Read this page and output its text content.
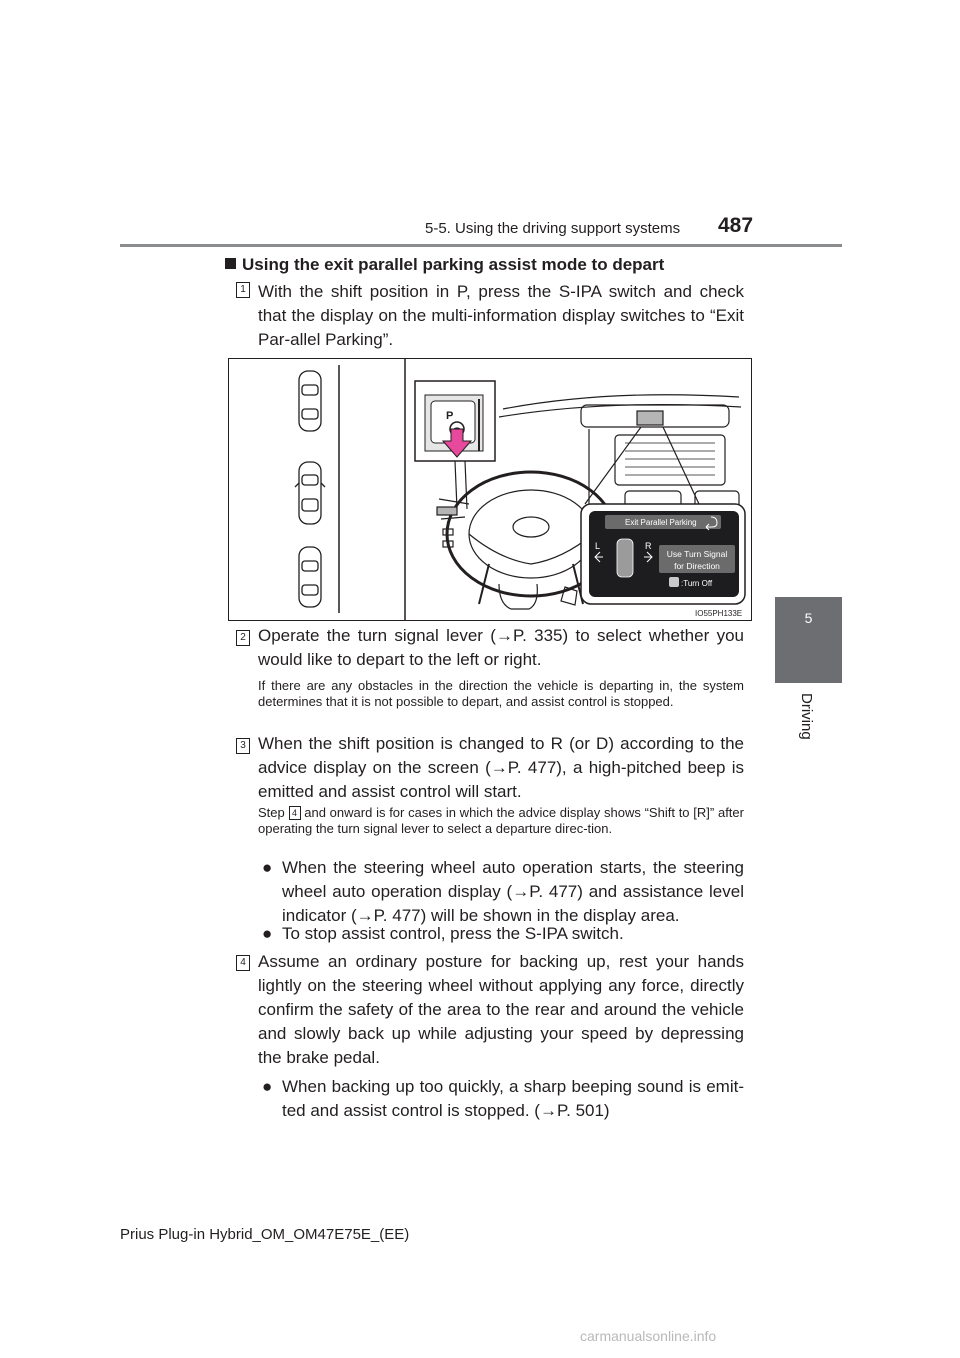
5-5. Using the driving support systems 487
5
Driving
Using the exit parallel parking assist mode to depart
1 With the shift position in P, press the S-IPA switch and check that the display on the multi-information display switches to “Exit Par-allel Parking”.
P
Exit Parallel Parking
L	R
Use Turn Signal
for Direction
:Turn Off
IO55PH133E
2 Operate the turn signal lever (→P. 335) to select whether you would like to depart to the left or right.
If there are any obstacles in the direction the vehicle is departing in, the system determines that it is not possible to depart, and assist control is stopped.
3 When the shift position is changed to R (or D) according to the advice display on the screen (→P. 477), a high-pitched beep is emitted and assist control will start.
Step 4 and onward is for cases in which the advice display shows “Shift to [R]” after operating the turn signal lever to select a departure direc-tion.
● When the steering wheel auto operation starts, the steering wheel auto operation display (→P. 477) and assistance level indicator (→P. 477) will be shown in the display area.
● To stop assist control, press the S-IPA switch.
4 Assume an ordinary posture for backing up, rest your hands lightly on the steering wheel without applying any force, directly confirm the safety of the area to the rear and around the vehicle and slowly back up while adjusting your speed by depressing the brake pedal.
● When backing up too quickly, a sharp beeping sound is emit-ted and assist control is stopped. (→P. 501)
Prius Plug-in Hybrid_OM_OM47E75E_(EE)
carmanualsonline.info
